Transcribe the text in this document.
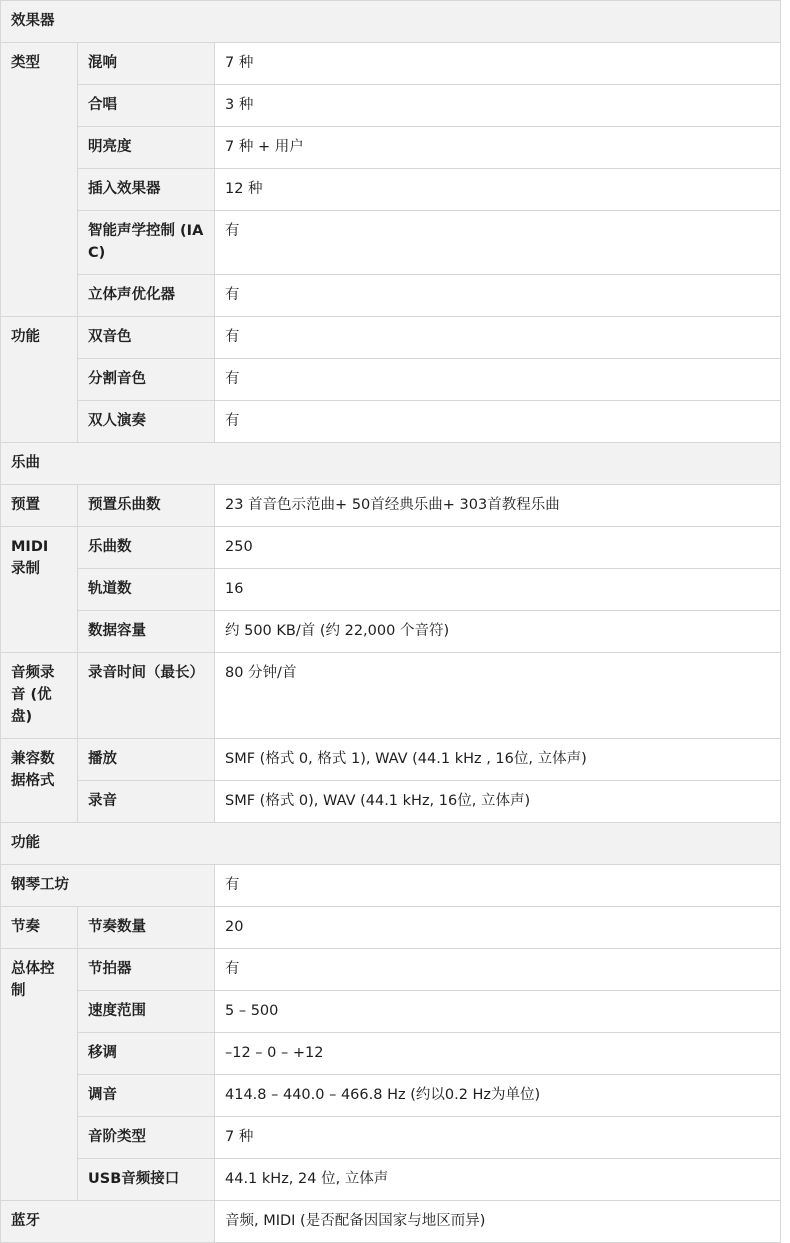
效果器		
类型	混响	7 种
	合唱	3 种
	明亮度	7 种 + 用户
	插入效果器	12 种
	智能声学控制 (IAC)	有
	立体声优化器	有
功能	双音色	有
	分割音色	有
	双人演奏	有
乐曲		
预置	预置乐曲数	23 首音色示范曲+ 50首经典乐曲+ 303首教程乐曲
MIDI 录制	乐曲数	250
	轨道数	16
	数据容量	约 500 KB/首 (约 22,000 个音符)
音频录音 (优盘)	录音时间（最长）	80 分钟/首
兼容数据格式	播放	SMF (格式 0, 格式 1), WAV (44.1 kHz , 16位, 立体声)
	录音	SMF (格式 0), WAV (44.1 kHz, 16位, 立体声)
功能		
钢琴工坊		有
节奏	节奏数量	20
总体控制	节拍器	有
	速度范围	5 – 500
	移调	–12 – 0 – +12
	调音	414.8 – 440.0 – 466.8 Hz (约以0.2 Hz为单位)
	音阶类型	7 种
	USB音频接口	44.1 kHz, 24 位, 立体声
蓝牙		音频, MIDI (是否配备因国家与地区而异)
